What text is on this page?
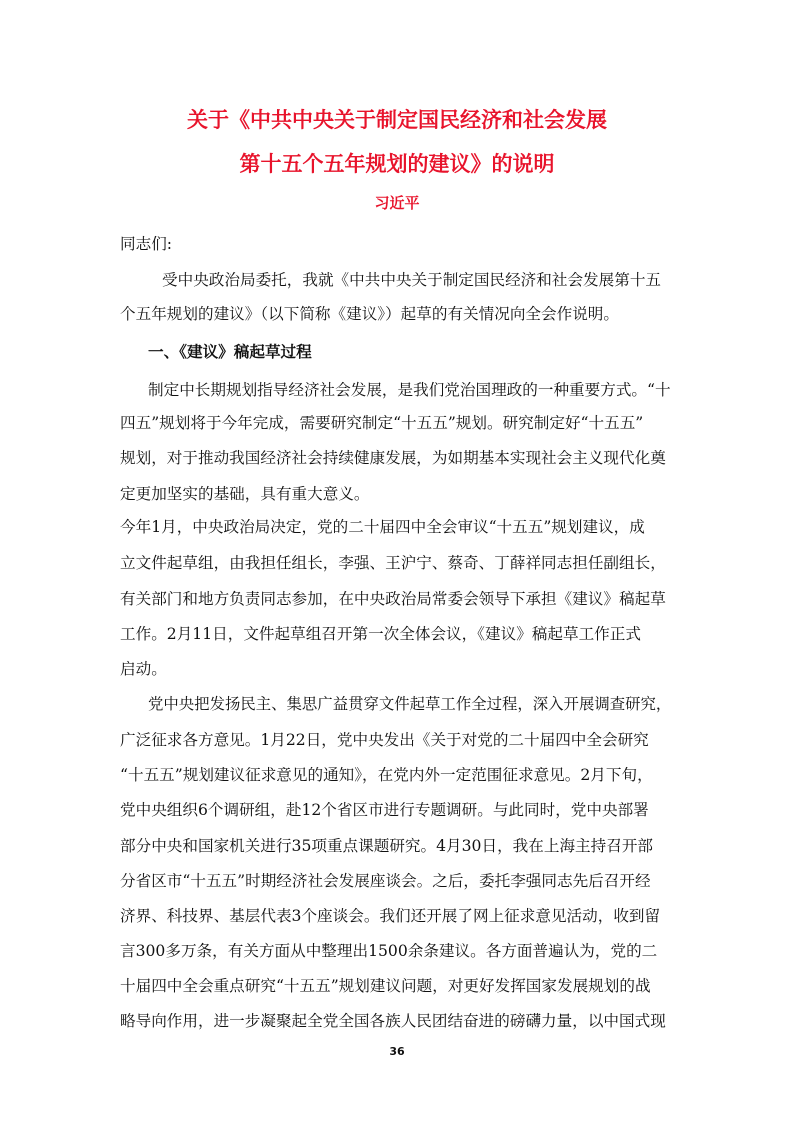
关于《中共中央关于制定国民经济和社会发展
第十五个五年规划的建议》的说明

习近平

同志们:

受中央政治局委托，我就《中共中央关于制定国民经济和社会发展第十五

个五年规划的建议》（以下简称《建议》）起草的有关情况向全会作说明。

一、《建议》稿起草过程

制定中长期规划指导经济社会发展，是我们党治国理政的一种重要方式。“十

四五”规划将于今年完成，需要研究制定“十五五”规划。研究制定好“十五五”

规划，对于推动我国经济社会持续健康发展，为如期基本实现社会主义现代化奠

定更加坚实的基础，具有重大意义。

今年1月，中央政治局决定，党的二十届四中全会审议“十五五”规划建议，成

立文件起草组，由我担任组长，李强、王沪宁、蔡奇、丁薛祥同志担任副组长，

有关部门和地方负责同志参加，在中央政治局常委会领导下承担《建议》稿起草

工作。2月11日，文件起草组召开第一次全体会议，《建议》稿起草工作正式

启动。

党中央把发扬民主、集思广益贯穿文件起草工作全过程，深入开展调查研究，

广泛征求各方意见。1月22日，党中央发出《关于对党的二十届四中全会研究

“十五五”规划建议征求意见的通知》，在党内外一定范围征求意见。2月下旬，

党中央组织6个调研组，赴12个省区市进行专题调研。与此同时，党中央部署

部分中央和国家机关进行35项重点课题研究。4月30日，我在上海主持召开部

分省区市“十五五”时期经济社会发展座谈会。之后，委托李强同志先后召开经

济界、科技界、基层代表3个座谈会。我们还开展了网上征求意见活动，收到留

言300多万条，有关方面从中整理出1500余条建议。各方面普遍认为，党的二

十届四中全会重点研究“十五五”规划建议问题，对更好发挥国家发展规划的战

略导向作用，进一步凝聚起全党全国各族人民团结奋进的磅礴力量，以中国式现

36
